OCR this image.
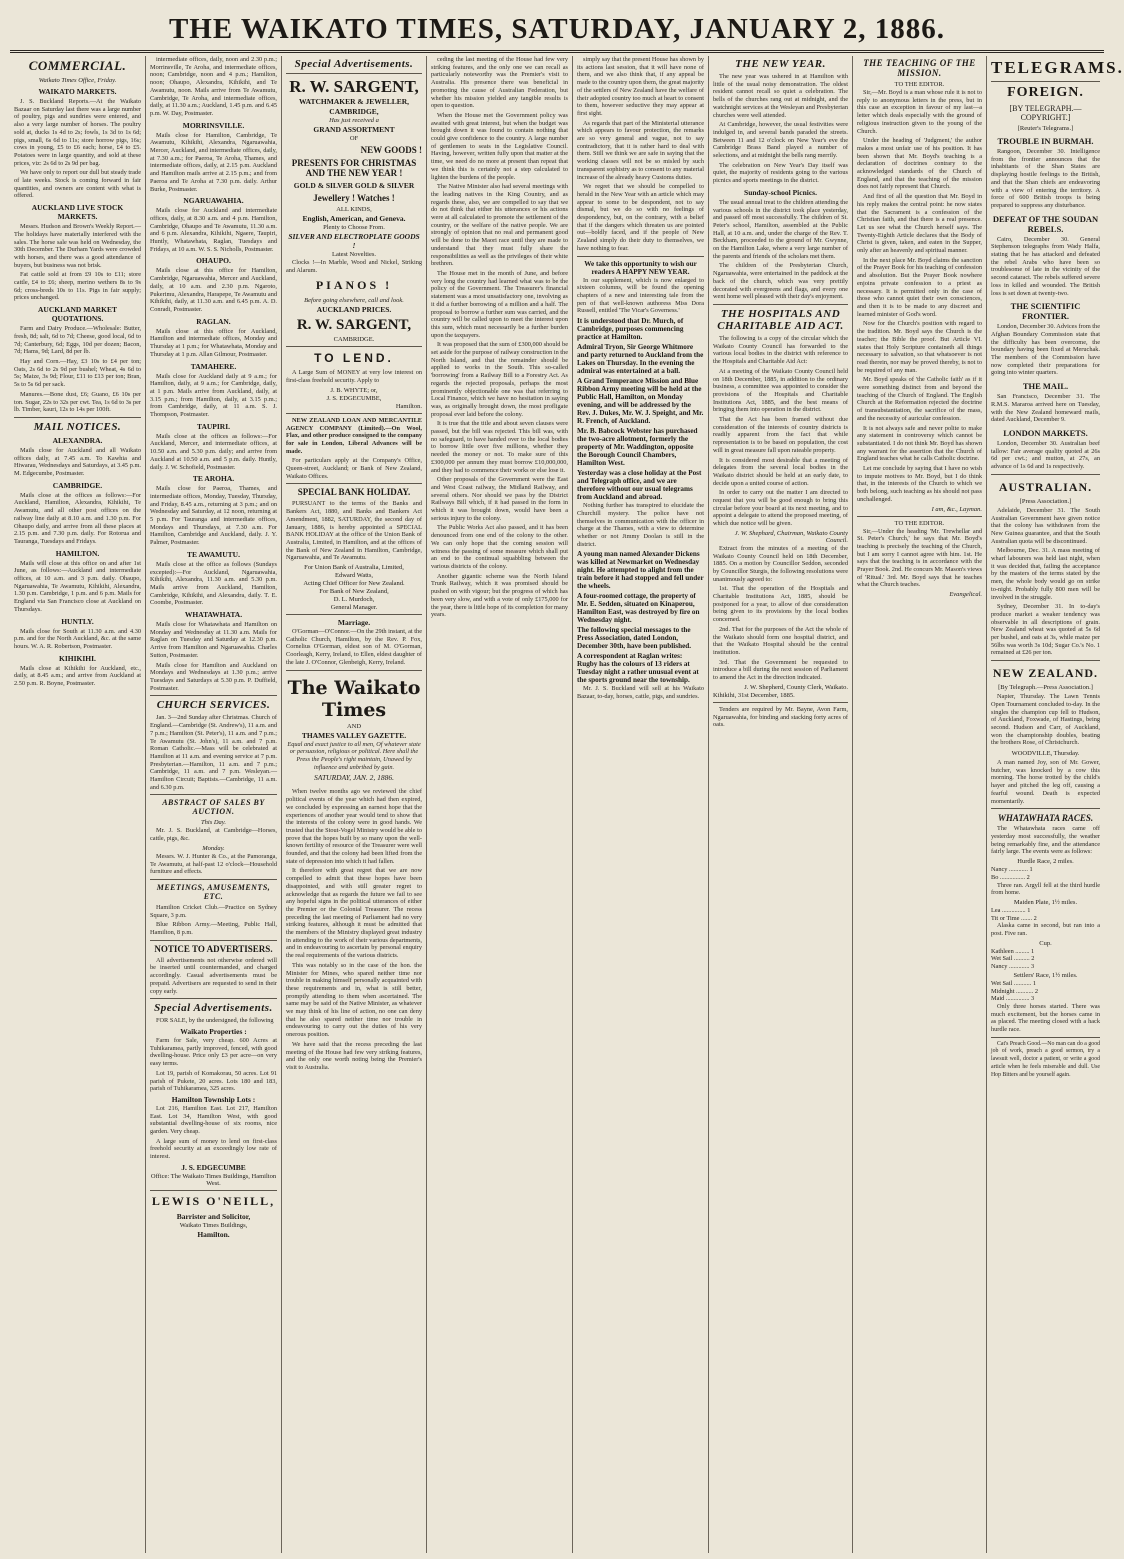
THE WAIKATO TIMES, SATURDAY, JANUARY 2, 1886.
COMMERCIAL.
Waikato Times Office, Friday.
WAIKATO MARKETS.

J. S. Buckland Reports.—At the Waikato Bazaar on Saturday last there was a large number of poultry, pigs and sundries were entered, and also a very large number of horses. The poultry sold at, ducks 1s 4d to 2s; fowls, 1s 3d to 1s 6d; pigs, small, 6s 6d to 11s; store horrow pigs, 16s; cows in young, £5 to £6 each; horse, £4 to £5. Potatoes were in large quantity, and sold at these prices, viz: 2s 6d to 2s 9d per bag.

We have only to report our dull but steady trade of late weeks. Stock is coming forward in fair quantities, and owners are content with what is offered.

AUCKLAND LIVE STOCK MARKETS.

Messrs. Hudson and Brown's Weekly Report.—The holidays have materially interfered with the sales. The horse sale was held on Wednesday, the 30th December. The Durham Yards were crowded with horses, and there was a good attendance of buyers, but business was not brisk.

Fat cattle sold at from £9 10s to £11; store cattle, £4 to £6; sheep, merino wethers 8s to 9s 6d; cross-breds 10s to 11s. Pigs in fair supply; prices unchanged.

AUCKLAND MARKET QUOTATIONS.

Farm and Dairy Produce.—Wholesale: Butter, fresh, 8d; salt, 6d to 7d; Cheese, good local, 6d to 7d; Canterbury, 6d; Eggs, 10d per dozen; Bacon, 7d; Hams, 9d; Lard, 8d per lb.

Hay and Corn.—Hay, £3 10s to £4 per ton; Oats, 2s 6d to 2s 9d per bushel; Wheat, 4s 6d to 5s; Maize, 3s 9d; Flour, £11 to £13 per ton; Bran, 5s to 5s 6d per sack.

Manures.—Bone dust, £6; Guano, £6 10s per ton. Sugar, 22s to 32s per cwt. Tea, 1s 6d to 3s per lb. Timber, kauri, 12s to 14s per 100ft.

MAIL NOTICES.
ALEXANDRA.

Mails close for Auckland and all Waikato offices daily, at 7.45 a.m. To Kawhia and Hiwarau, Wednesdays and Saturdays, at 3.45 p.m. M. Edgecumbe, Postmaster.

CAMBRIDGE.

Mails close at the offices as follows:—For Auckland, Hamilton, Alexandra, Kihikihi, Te Awamutu, and all other post offices on the railway line daily at 8.10 a.m. and 1.30 p.m. For Ohaupo daily, and arrive from all these places at 2.15 p.m. and 7.30 p.m. daily. For Rotorua and Tauranga, Tuesdays and Fridays.

HAMILTON.

Mails will close at this office on and after 1st June, as follows:—Auckland and intermediate offices, at 10 a.m. and 3 p.m. daily. Ohaupo, Ngaruawahia, Te Awamutu, Kihikihi, Alexandra, 1.30 p.m. Cambridge, 1 p.m. and 6 p.m. Mails for England via San Francisco close at Auckland on Thursdays.

HUNTLY.

Mails close for South at 11.30 a.m. and 4.30 p.m. and for the North Auckland, &c. at the same hours. W. A. R. Robertson, Postmaster.

KIHIKIHI.

Mails close at Kihikihi for Auckland, etc., daily, at 8.45 a.m.; and arrive from Auckland at 2.50 p.m. R. Boyne, Postmaster.

intermediate offices, daily, noon and 2.30 p.m.; Morrinsville, Te Aroha, and intermediate offices, noon; Cambridge, noon and 4 p.m.; Hamilton, noon; Ohaupo, Alexandra, Kihikihi, and Te Awamutu, noon. Mails arrive from Te Awamutu, Cambridge, Te Aroha, and intermediate offices, daily, at 11.30 a.m.; Auckland, 1.45 p.m. and 6.45 p.m. W. Day, Postmaster.

MORRINSVILLE.

Mails close for Hamilton, Cambridge, Te Awamutu, Kihikihi, Alexandra, Ngaruawahia, Mercer, Auckland, and intermediate offices, daily, at 7.30 a.m.; for Paeroa, Te Aroha, Thames, and intermediate offices, daily, at 2.15 p.m. Auckland and Hamilton mails arrive at 2.15 p.m.; and from Paeroa and Te Aroha at 7.30 p.m. daily. Arthur Burke, Postmaster.

NGARUAWAHIA.

Mails close for Auckland and intermediate offices, daily, at 8.30 a.m. and 4 p.m. Hamilton, Cambridge, Ohaupo and Te Awamutu, 11.30 a.m. and 6 p.m. Alexandra, Kihikihi, Ngaere, Taupiri, Huntly, Whatawhata, Raglan, Tuesdays and Fridays, at 10 a.m. W. S. S. Nicholls, Postmaster.

OHAUPO.

Mails close at this office for Hamilton, Cambridge, Ngaruawahia, Mercer and Auckland, daily, at 10 a.m. and 2.30 p.m. Ngaroto, Pukerimu, Alexandra, Harapepe, Te Awamutu and Kihikihi, daily, at 11.30 a.m. and 6.45 p.m. A. D. Conradi, Postmaster.

RAGLAN.

Mails close at this office for Auckland, Hamilton and intermediate offices, Monday and Thursday at 1 p.m.; for Whatawhata, Monday and Thursday at 1 p.m. Allan Gilmour, Postmaster.

TAMAHERE.

Mails close for Auckland daily at 9 a.m.; for Hamilton, daily, at 9 a.m.; for Cambridge, daily, at 1 p.m. Mails arrive from Auckland, daily, at 3.15 p.m.; from Hamilton, daily, at 3.15 p.m.; from Cambridge, daily, at 11 a.m. S. J. Thompson, Postmaster.

TAUPIRI.

Mails close at the offices as follows:—For Auckland, Mercer, and intermediate offices, at 10.50 a.m. and 5.30 p.m. daily; and arrive from Auckland at 10.50 a.m. and 5 p.m. daily. Huntly, daily. J. W. Schofield, Postmaster.

TE AROHA.

Mails close for Paeroa, Thames, and intermediate offices, Monday, Tuesday, Thursday, and Friday, 8.45 a.m., returning at 3 p.m.; and on Wednesday and Saturday, at 12 noon, returning at 5 p.m. For Tauranga and intermediate offices, Mondays and Thursdays, at 7.30 a.m. For Hamilton, Cambridge and Auckland, daily. J. Y. Palmer, Postmaster.

TE AWAMUTU.

Mails close at the office as follows (Sundays excepted):—For Auckland, Ngaruawahia, Kihikihi, Alexandra, 11.30 a.m. and 5.30 p.m. Mails arrive from Auckland, Hamilton, Cambridge, Kihikihi, and Alexandra, daily. T. E. Coombe, Postmaster.

WHATAWHATA.

Mails close for Whatawhata and Hamilton on Monday and Wednesday at 11.30 a.m. Mails for Raglan on Tuesday and Saturday at 12.30 p.m. Arrive from Hamilton and Ngaruawahia. Charles Sutton, Postmaster.

Mails close for Hamilton and Auckland on Mondays and Wednesdays at 1.30 p.m.; arrive Tuesdays and Saturdays at 5.30 p.m. P. Duffield, Postmaster.

CHURCH SERVICES.

Jan. 3—2nd Sunday after Christmas. Church of England.—Cambridge (St. Andrew's), 11 a.m. and 7 p.m.; Hamilton (St. Peter's), 11 a.m. and 7 p.m.; Te Awamutu (St. John's), 11 a.m. and 7 p.m. Roman Catholic.—Mass will be celebrated at Hamilton at 11 a.m. and evening service at 7 p.m. Presbyterian.—Hamilton, 11 a.m. and 7 p.m.; Cambridge, 11 a.m. and 7 p.m. Wesleyan.—Hamilton Circuit; Baptists.—Cambridge, 11 a.m. and 6.30 p.m.

ABSTRACT OF SALES BY AUCTION.
This Day.

Mr. J. S. Buckland, at Cambridge—Horses, cattle, pigs, &c.

Monday.

Messrs. W. J. Hunter & Co., at the Pamoranga, Te Awamutu, at half-past 12 o'clock—Household furniture and effects.

MEETINGS, AMUSEMENTS, ETC.

Hamilton Cricket Club.—Practice on Sydney Square, 3 p.m.

Blue Ribbon Army.—Meeting, Public Hall, Hamilton, 8 p.m.

NOTICE TO ADVERTISERS.

All advertisements not otherwise ordered will be inserted until countermanded, and charged accordingly. Casual advertisements must be prepaid. Advertisers are requested to send in their copy early.

Special Advertisements.

FOR SALE, by the undersigned, the following

Waikato Properties :

Farm for Sale, very cheap. 600 Acres at Tuhikaramea, partly improved, fenced, with good dwelling-house. Price only £3 per acre—on very easy terms.

Lot 19, parish of Komakorau, 50 acres. Lot 91 parish of Pukete, 20 acres. Lots 180 and 183, parish of Tuhikaramea, 325 acres.

Hamilton Township Lots :

Lot 216, Hamilton East. Lot 217, Hamilton East. Lot 34, Hamilton West, with good substantial dwelling-house of six rooms, nice garden. Very cheap.

A large sum of money to lend on first-class freehold security at an exceedingly low rate of interest.

J. S. EDGECUMBE
Office: The Waikato Times Buildings, Hamilton West.
LEWIS O'NEILL,
Barrister and Solicitor,
Waikato Times Buildings,
Hamilton.
Special Advertisements.
R. W. SARGENT,
WATCHMAKER & JEWELLER,
CAMBRIDGE,
Has just received a
GRAND ASSORTMENT
OF
NEW GOODS !
PRESENTS FOR CHRISTMAS AND THE NEW YEAR !
GOLD & SILVER GOLD & SILVER
Jewellery ! Watches !
ALL KINDS,
English, American, and Geneva.
Plenty to Choose From.
SILVER AND ELECTROPLATE GOODS !
Latest Novelties.

Clocks !—In Marble, Wood and Nickel, Striking and Alarum.

PIANOS !
Before going elsewhere, call and look.
AUCKLAND PRICES.
R. W. SARGENT,
CAMBRIDGE.
TO LEND.

A Large Sum of MONEY at very low interest on first-class freehold security. Apply to

J. B. WHYTE; or,
J. S. EDGECUMBE,
Hamilton.

NEW ZEALAND LOAN AND MERCANTILE AGENCY COMPANY (Limited).—On Wool, Flax, and other produce consigned to the company for sale in London, Liberal Advances will be made.

For particulars apply at the Company's Office, Queen-street, Auckland; or Bank of New Zealand, Waikato Offices.

SPECIAL BANK HOLIDAY.

PURSUANT to the terms of the Banks and Bankers Act, 1880, and Banks and Bankers Act Amendment, 1882, SATURDAY, the second day of January, 1886, is hereby appointed a SPECIAL BANK HOLIDAY at the office of the Union Bank of Australia, Limited, in Hamilton, and at the offices of the Bank of New Zealand in Hamilton, Cambridge, Ngaruawahia, and Te Awamutu.

For Union Bank of Australia, Limited,
Edward Watts,
Acting Chief Officer for New Zealand.
For Bank of New Zealand,
D. L. Murdoch,
General Manager.
Marriage.

O'Gorman—O'Connor.—On the 29th instant, at the Catholic Church, Hamilton, by the Rev. P. Fox, Cornelius O'Gorman, eldest son of M. O'Gorman, Coorleagh, Kerry, Ireland, to Ellen, eldest daughter of the late J. O'Connor, Glenbeigh, Kerry, Ireland.

The Waikato Times
AND
THAMES VALLEY GAZETTE.

Equal and exact justice to all men, Of whatever state or persuasion, religious or political. Here shall the Press the People's right maintain, Unawed by influence and unbribed by gain.

SATURDAY, JAN. 2, 1886.

When twelve months ago we reviewed the chief political events of the year which had then expired, we concluded by expressing an earnest hope that the experiences of another year would tend to show that the interests of the colony were in good hands. We trusted that the Stout-Vogel Ministry would be able to prove that the hopes built by so many upon the well-known fertility of resource of the Treasurer were well founded, and that the colony had been lifted from the state of depression into which it had fallen.

It therefore with great regret that we are now compelled to admit that these hopes have been disappointed, and with still greater regret to acknowledge that as regards the future we fail to see any hopeful signs in the political utterances of either the Premier or the Colonial Treasurer. The recess preceding the last meeting of Parliament had no very striking features, although it must be admitted that the members of the Ministry displayed great industry in attending to the work of their various departments, and in endeavouring to ascertain by personal enquiry the real requirements of the various districts.

This was notably so in the case of the hon. the Minister for Mines, who spared neither time nor trouble in making himself personally acquainted with these requirements and in, what is still better, promptly attending to them when ascertained. The same may be said of the Native Minister, as whatever we may think of his line of action, no one can deny that he also spared neither time nor trouble in endeavouring to carry out the duties of his very onerous position.

We have said that the recess preceding the last meeting of the House had few very striking features, and the only one worth noting being the Premier's visit to Australia.

ceding the last meeting of the House had few very striking features, and the only one we can recall as particularly noteworthy was the Premier's visit to Australia. His presence there was beneficial in promoting the cause of Australian Federation, but whether his mission yielded any tangible results is open to question.

When the House met the Government policy was awaited with great interest, but when the budget was brought down it was found to contain nothing that could give confidence to the country. A large number of gentlemen to seats in the Legislative Council. Having, however, written fully upon that matter at the time, we need do no more at present than repeat that we think this is certainly not a step calculated to lighten the burdens of the people.

The Native Minister also had several meetings with the leading natives in the King Country, and as regards these, also, we are compelled to say that we do not think that either his utterances or his actions were at all calculated to promote the settlement of the country, or the welfare of the native people. We are strongly of opinion that no real and permanent good will be done to the Maori race until they are made to understand that they must fully share the responsibilities as well as the privileges of their white brethren.

The House met in the month of June, and before very long the country had learned what was to be the policy of the Government. The Treasurer's financial statement was a most unsatisfactory one, involving as it did a further borrowing of a million and a half. The proposal to borrow a further sum was carried, and the country will be called upon to meet the interest upon this sum, which must necessarily be a further burden upon the taxpayers.

It was proposed that the sum of £300,000 should be set aside for the purpose of railway construction in the North Island, and that the remainder should be applied to works in the South. This so-called 'borrowing' from a Railway Bill to a Forestry Act. As regards the rejected proposals, perhaps the most prominently objectionable one was that referring to Local Finance, which we have no hesitation in saying was, as originally brought down, the most profligate proposal ever laid before the colony.

It is true that the title and about seven clauses were passed, but the bill was rejected. This bill was, with no safeguard, to have handed over to the local bodies to borrow little over five millions, whether they needed the money or not. To make sure of this £300,000 per annum they must borrow £10,000,000, and they had to commence their works or else lose it.

Other proposals of the Government were the East and West Coast railway, the Midland Railway, and several others. Nor should we pass by the District Railways Bill which, if it had passed in the form in which it was brought down, would have been a serious injury to the colony.

The Public Works Act also passed, and it has been denounced from one end of the colony to the other. We can only hope that the coming session will witness the passing of some measure which shall put an end to the continual squabbling between the various districts of the colony.

Another gigantic scheme was the North Island Trunk Railway, which it was promised should be pushed on with vigour; but the progress of which has been very slow, and with a vote of only £175,000 for the year, there is little hope of its completion for many years.

simply say that the present House has shown by its actions last session, that it will have none of them, and we also think that, if any appeal be made to the country upon them, the great majority of the settlers of New Zealand have the welfare of their adopted country too much at heart to consent to them, however seductive they may appear at first sight.

As regards that part of the Ministerial utterance which appears to favour protection, the remarks are so very general and vague, not to say contradictory, that it is rather hard to deal with them. Still we think we are safe in saying that the working classes will not be so misled by such transparent sophistry as to consent to any material increase of the already heavy Customs duties.

We regret that we should be compelled to herald in the New Year with an article which may appear to some to be despondent, not to say dismal, but we do so with no feelings of despondency, but, on the contrary, with a belief that if the dangers which threaten us are pointed out—boldly faced, and if the people of New Zealand simply do their duty to themselves, we have nothing to fear.

We take this opportunity to wish our readers A HAPPY NEW YEAR.

In our supplement, which is now enlarged to sixteen columns, will be found the opening chapters of a new and interesting tale from the pen of that well-known authoress Miss Dora Russell, entitled 'The Vicar's Governess.'

It is understood that Dr. Murch, of Cambridge, purposes commencing practice at Hamilton.
Admiral Tryon, Sir George Whitmore and party returned to Auckland from the Lakes on Thursday. In the evening the admiral was entertained at a ball.
A Grand Temperance Mission and Blue Ribbon Army meeting will be held at the Public Hall, Hamilton, on Monday evening, and will be addressed by the Rev. J. Dukes, Mr. W. J. Speight, and Mr. R. French, of Auckland.
Mr. B. Babcock Webster has purchased the two-acre allotment, formerly the property of Mr. Waddington, opposite the Borough Council Chambers, Hamilton West.
Yesterday was a close holiday at the Post and Telegraph office, and we are therefore without our usual telegrams from Auckland and abroad.

Nothing further has transpired to elucidate the Churchill mystery. The police have not themselves in communication with the officer in charge at the Thames, with a view to determine whether or not Jimmy Doolan is still in the district.

A young man named Alexander Dickens was killed at Newmarket on Wednesday night. He attempted to alight from the train before it had stopped and fell under the wheels.
A four-roomed cottage, the property of Mr. E. Sedden, situated on Kinaperou, Hamilton East, was destroyed by fire on Wednesday night.
The following special messages to the Press Association, dated London, December 30th, have been published.
A correspondent at Raglan writes: Rugby has the colours of 13 riders at Tuesday night a rather unusual event at the sports ground near the township.

Mr. J. S. Buckland will sell at his Waikato Bazaar, to-day, horses, cattle, pigs, and sundries.

THE NEW YEAR.

The new year was ushered in at Hamilton with little of the usual noisy demonstration. The oldest resident cannot recall so quiet a celebration. The bells of the churches rang out at midnight, and the watchnight services at the Wesleyan and Presbyterian churches were well attended.

At Cambridge, however, the usual festivities were indulged in, and several bands paraded the streets. Between 11 and 12 o'clock on New Year's eve the Cambridge Brass Band played a number of selections, and at midnight the bells rang merrily.

The celebration on New Year's Day itself was quiet, the majority of residents going to the various picnics and sports meetings in the district.

Sunday-school Picnics.

The usual annual treat to the children attending the various schools in the district took place yesterday, and passed off most successfully. The children of St. Peter's school, Hamilton, assembled at the Public Hall, at 10 a.m. and, under the charge of the Rev. T. Beckham, proceeded to the ground of Mr. Gwynne, on the Hamilton Lake, where a very large number of the parents and friends of the scholars met them.

The children of the Presbyterian Church, Ngaruawahia, were entertained in the paddock at the back of the church, which was very prettily decorated with evergreens and flags, and every one went home well pleased with their day's enjoyment.

THE HOSPITALS AND CHARITABLE AID ACT.

The following is a copy of the circular which the Waikato County Council has forwarded to the various local bodies in the district with reference to the Hospitals and Charitable Aid Act:

At a meeting of the Waikato County Council held on 18th December, 1885, in addition to the ordinary business, a committee was appointed to consider the provisions of the Hospitals and Charitable Institutions Act, 1885, and the best means of bringing them into operation in the district.

That the Act has been framed without due consideration of the interests of country districts is readily apparent from the fact that while representation is to be based on population, the cost will in great measure fall upon rateable property.

It is considered most desirable that a meeting of delegates from the several local bodies in the Waikato district should be held at an early date, to decide upon a united course of action.

In order to carry out the matter I am directed to request that you will be good enough to bring this circular before your board at its next meeting, and to appoint a delegate to attend the proposed meeting, of which due notice will be given.

J. W. Shephard, Chairman, Waikato County Council.

Extract from the minutes of a meeting of the Waikato County Council held on 18th December, 1885. On a motion by Councillor Seddon, seconded by Councillor Sturgis, the following resolutions were unanimously agreed to:

1st. That the operation of the Hospitals and Charitable Institutions Act, 1885, should be postponed for a year, to allow of due consideration being given to its provisions by the local bodies concerned.

2nd. That for the purposes of the Act the whole of the Waikato should form one hospital district, and that the Waikato Hospital should be the central institution.

3rd. That the Government be requested to introduce a bill during the next session of Parliament to amend the Act in the direction indicated.

J. W. Shepherd, County Clerk, Waikato.
Kihikihi, 31st December, 1885.

Tenders are required by Mr. Bayne, Avon Farm, Ngaruawahia, for binding and stacking forty acres of oats.

THE TEACHING OF THE MISSION.
TO THE EDITOR.

Sir,—Mr. Boyd is a man whose rule it is not to reply to anonymous letters in the press, but in this case an exception in favour of my last—a letter which deals especially with the ground of religious instruction given to the young of the Church.

Under the heading of 'Judgment,' the author makes a most unfair use of his position. It has been shown that Mr. Boyd's teaching is a declaration of doctrines contrary to the acknowledged standards of the Church of England, and that the teaching of the mission does not fairly represent that Church.

And first of all the question that Mr. Boyd in his reply makes the central point: he now states that the Sacrament is a confession of the Christian faith, and that there is a real presence. Let us see what the Church herself says. The Twenty-Eighth Article declares that the Body of Christ is given, taken, and eaten in the Supper, only after an heavenly and spiritual manner.

In the next place Mr. Boyd claims the sanction of the Prayer Book for his teaching of confession and absolution. But the Prayer Book nowhere enjoins private confession to a priest as necessary. It is permitted only in the case of those who cannot quiet their own consciences, and then it is to be made to any discreet and learned minister of God's word.

Now for the Church's position with regard to the tradition. Mr. Boyd says the Church is the teacher; the Bible the proof. But Article VI. states that Holy Scripture containeth all things necessary to salvation, so that whatsoever is not read therein, nor may be proved thereby, is not to be required of any man.

Mr. Boyd speaks of 'the Catholic faith' as if it were something distinct from and beyond the teaching of the Church of England. The English Church at the Reformation rejected the doctrine of transubstantiation, the sacrifice of the mass, and the necessity of auricular confession.

It is not always safe and never polite to make any statement in controversy which cannot be substantiated. I do not think Mr. Boyd has shown any warrant for the assertion that the Church of England teaches what he calls Catholic doctrine.

Let me conclude by saying that I have no wish to impute motives to Mr. Boyd, but I do think that, in the interests of the Church to which we both belong, such teaching as his should not pass unchallenged.

I am, &c., Layman.
TO THE EDITOR.

Sir,—Under the heading 'Mr. Trewhellar and St. Peter's Church,' he says that Mr. Boyd's teaching is precisely the teaching of the Church, but I am sorry I cannot agree with him. 1st. He says that the teaching is in accordance with the Prayer Book. 2nd. He concurs Mr. Mason's views of 'Ritual.' 3rd. Mr. Boyd says that he teaches what the Church teaches.

Evangelical.
TELEGRAMS.
FOREIGN.
[BY TELEGRAPH.—COPYRIGHT.]
[Reuter's Telegrams.]
TROUBLE IN BURMAH.

Rangoon, December 30. Intelligence from the frontier announces that the inhabitants of the Shan States are displaying hostile feelings to the British, and that the Shan chiefs are endeavoring with a view of entering the territory. A force of 600 British troops is being prepared to suppress any disturbance.

DEFEAT OF THE SOUDAN REBELS.

Cairo, December 30. General Stephenson telegraphs from Wady Halfa, stating that he has attacked and defeated the rebel Arabs who have been so troublesome of late in the vicinity of the second cataract. The rebels suffered severe loss in killed and wounded. The British loss is set down at twenty-two.

THE SCIENTIFIC FRONTIER.

London, December 30. Advices from the Afghan Boundary Commission state that the difficulty has been overcome, the boundary having been fixed at Meruchak. The members of the Commission have now completed their preparations for going into winter quarters.

THE MAIL.

San Francisco, December 31. The R.M.S. Mararoa arrived here on Tuesday, with the New Zealand homeward mails, dated Auckland, December 9.

LONDON MARKETS.

London, December 30. Australian beef tallow: Fair average quality quoted at 26s 6d per cwt.; and mutton, at 27s, an advance of 1s 6d and 1s respectively.

AUSTRALIAN.
[Press Association.]

Adelaide, December 31. The South Australian Government have given notice that the colony has withdrawn from the New Guinea guarantee, and that the South Australian quota will be discontinued.

Melbourne, Dec. 31. A mass meeting of wharf labourers was held last night, when it was decided that, failing the acceptance by the masters of the terms stated by the men, the whole body would go on strike to-night. Probably fully 800 men will be involved in the struggle.

Sydney, December 31. In to-day's produce market a weaker tendency was observable in all descriptions of grain. New Zealand wheat was quoted at 5s 6d per bushel, and oats at 3s, while maize per 56lbs was worth 3s 10d; Sugar Co.'s No. 1 remained at £26 per ton.

NEW ZEALAND.
[By Telegraph.—Press Association.]

Napier, Thursday. The Lawn Tennis Open Tournament concluded to-day. In the singles the champion cup fell to Hudson, of Auckland, Foxwade, of Hastings, being second. Hudson and Carr, of Auckland, won the championship doubles, beating the brothers Rose, of Christchurch.

WOODVILLE, Thursday.

A man named Joy, son of Mr. Gower, butcher, was knocked by a cow this morning. The horse trotted by the child's hayer and pitched the leg off, causing a fearful wound. Death is expected momentarily.

WHATAWHATA RACES.

The Whatawhata races came off yesterday most successfully, the weather being remarkably fine, and the attendance fairly large. The events were as follows:

Hurdle Race, 2 miles.
Nancy ............ 1
Bo ................ 2

Three ran. Argyll fell at the third hurdle from home.

Maiden Plate, 1½ miles.
Lea ............... 1
Tit or Time ....... 2

Alaska came in second, but ran into a post. Five ran.

Cup.
Kathleen ......... 1
Wet Sail .......... 2
Nancy ............. 3
Settlers' Race, 1½ miles.
Wet Sail ........... 1
Midnight ........... 2
Maid ............... 3

Only three horses started. There was much excitement, but the horses came in as placed. The meeting closed with a hack hurdle race.

Cat's Preach Good.—No man can do a good job of work, preach a good sermon, try a lawsuit well, doctor a patient, or write a good article when he feels miserable and dull. Use Hop Bitters and be yourself again.
